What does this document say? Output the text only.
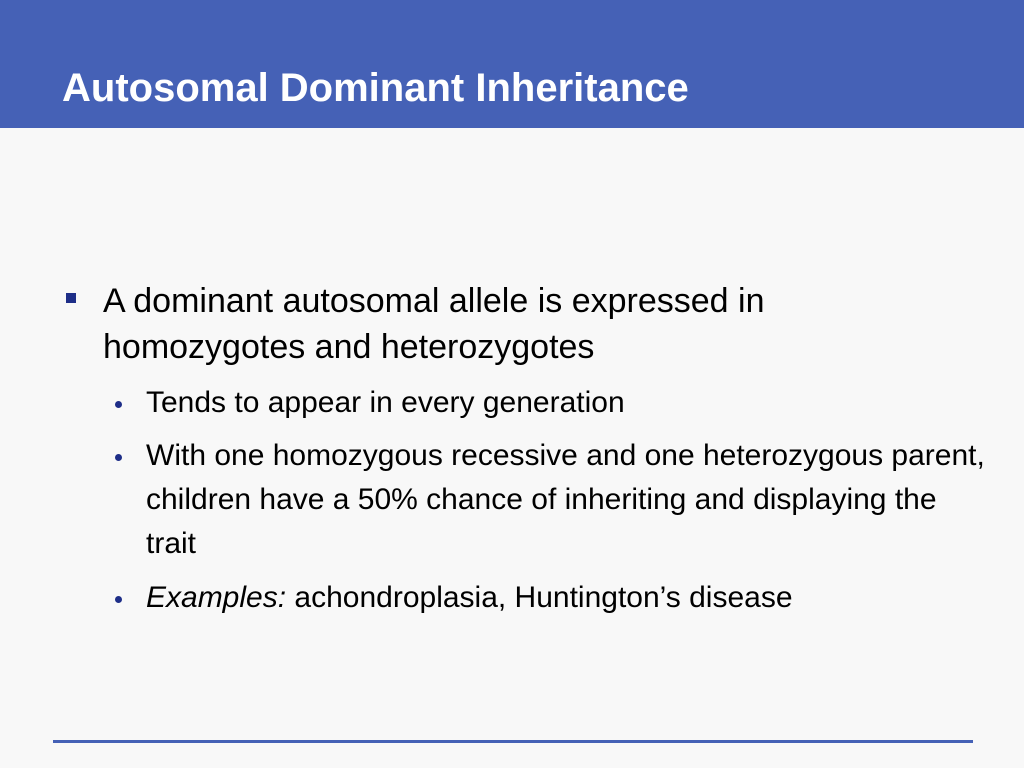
Autosomal Dominant Inheritance
A dominant autosomal allele is expressed in homozygotes and heterozygotes
Tends to appear in every generation
With one homozygous recessive and one heterozygous parent, children have a 50% chance of inheriting and displaying the trait
Examples: achondroplasia, Huntington’s disease
